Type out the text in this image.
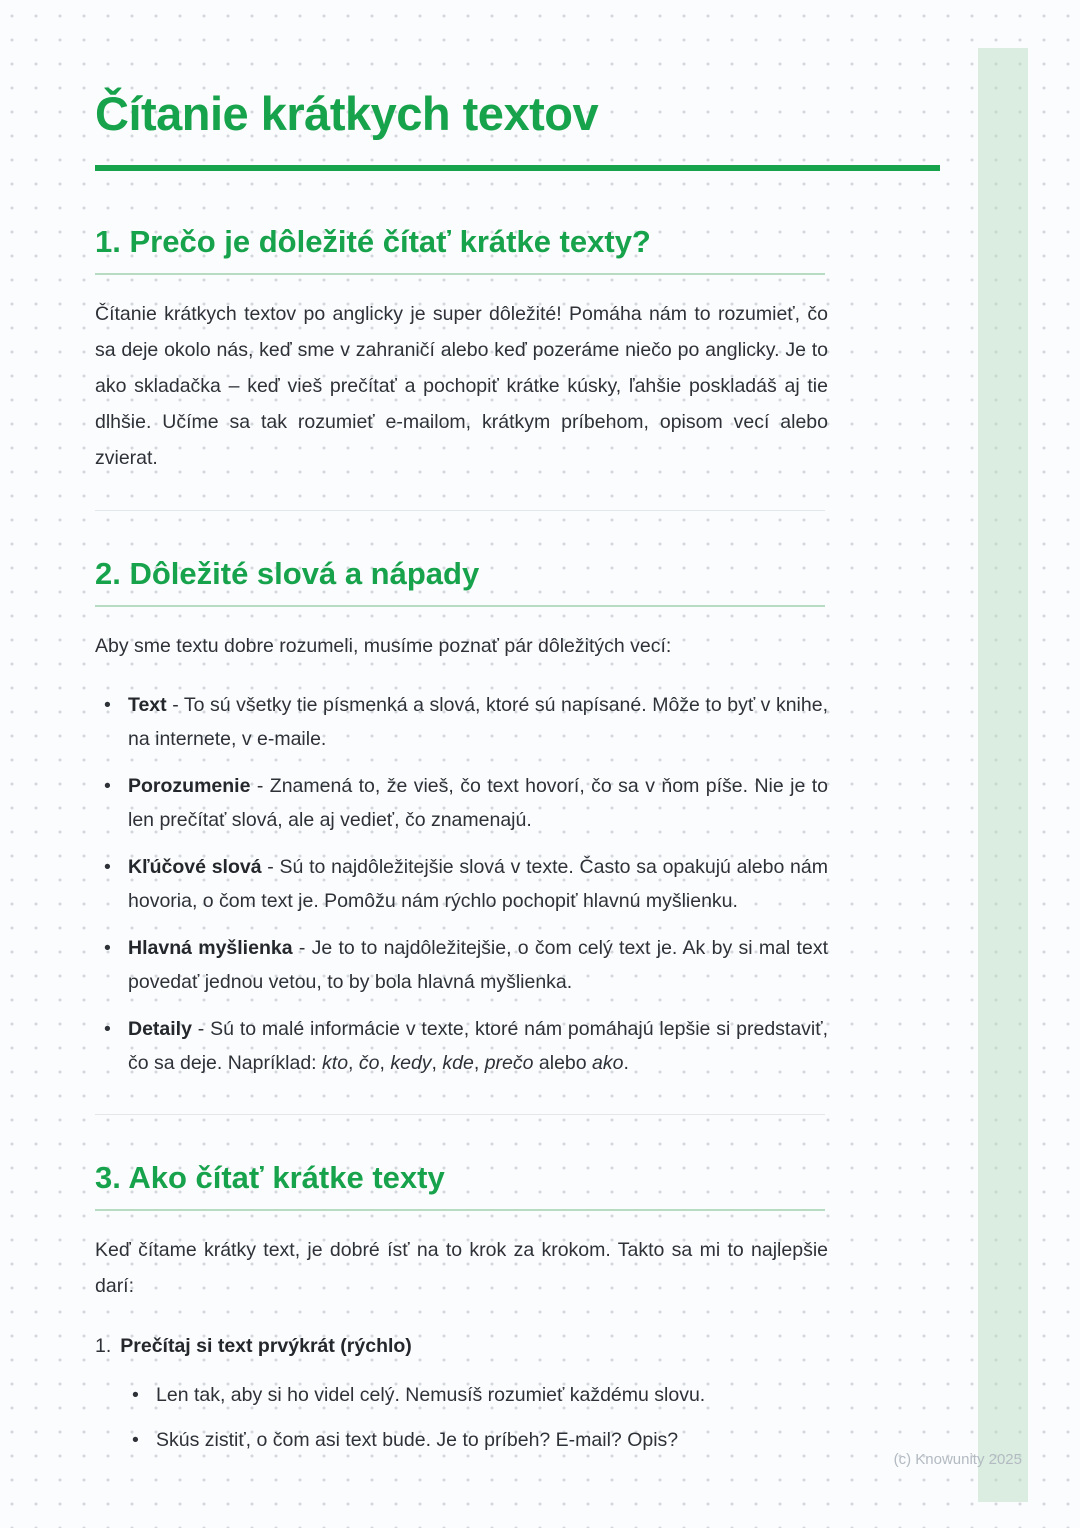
Čítanie krátkych textov
1. Prečo je dôležité čítať krátke texty?

Čítanie krátkych textov po anglicky je super dôležité! Pomáha nám to rozumieť, čo sa deje okolo nás, keď sme v zahraničí alebo keď pozeráme niečo po anglicky. Je to ako skladačka – keď vieš prečítať a pochopiť krátke kúsky, ľahšie poskladáš aj tie dlhšie. Učíme sa tak rozumieť e-mailom, krátkym príbehom, opisom vecí alebo zvierat.

2. Dôležité slová a nápady

Aby sme textu dobre rozumeli, musíme poznať pár dôležitých vecí:

• Text - To sú všetky tie písmenká a slová, ktoré sú napísané. Môže to byť v knihe, na internete, v e-maile.
• Porozumenie - Znamená to, že vieš, čo text hovorí, čo sa v ňom píše. Nie je to len prečítať slová, ale aj vedieť, čo znamenajú.
• Kľúčové slová - Sú to najdôležitejšie slová v texte. Často sa opakujú alebo nám hovoria, o čom text je. Pomôžu nám rýchlo pochopiť hlavnú myšlienku.
• Hlavná myšlienka - Je to to najdôležitejšie, o čom celý text je. Ak by si mal text povedať jednou vetou, to by bola hlavná myšlienka.
• Detaily - Sú to malé informácie v texte, ktoré nám pomáhajú lepšie si predstaviť, čo sa deje. Napríklad: kto, čo, kedy, kde, prečo alebo ako.
3. Ako čítať krátke texty

Keď čítame krátky text, je dobré ísť na to krok za krokom. Takto sa mi to najlepšie darí:

1. Prečítaj si text prvýkrát (rýchlo)
• Len tak, aby si ho videl celý. Nemusíš rozumieť každému slovu.
• Skús zistiť, o čom asi text bude. Je to príbeh? E-mail? Opis?
(c) Knowunity 2025
